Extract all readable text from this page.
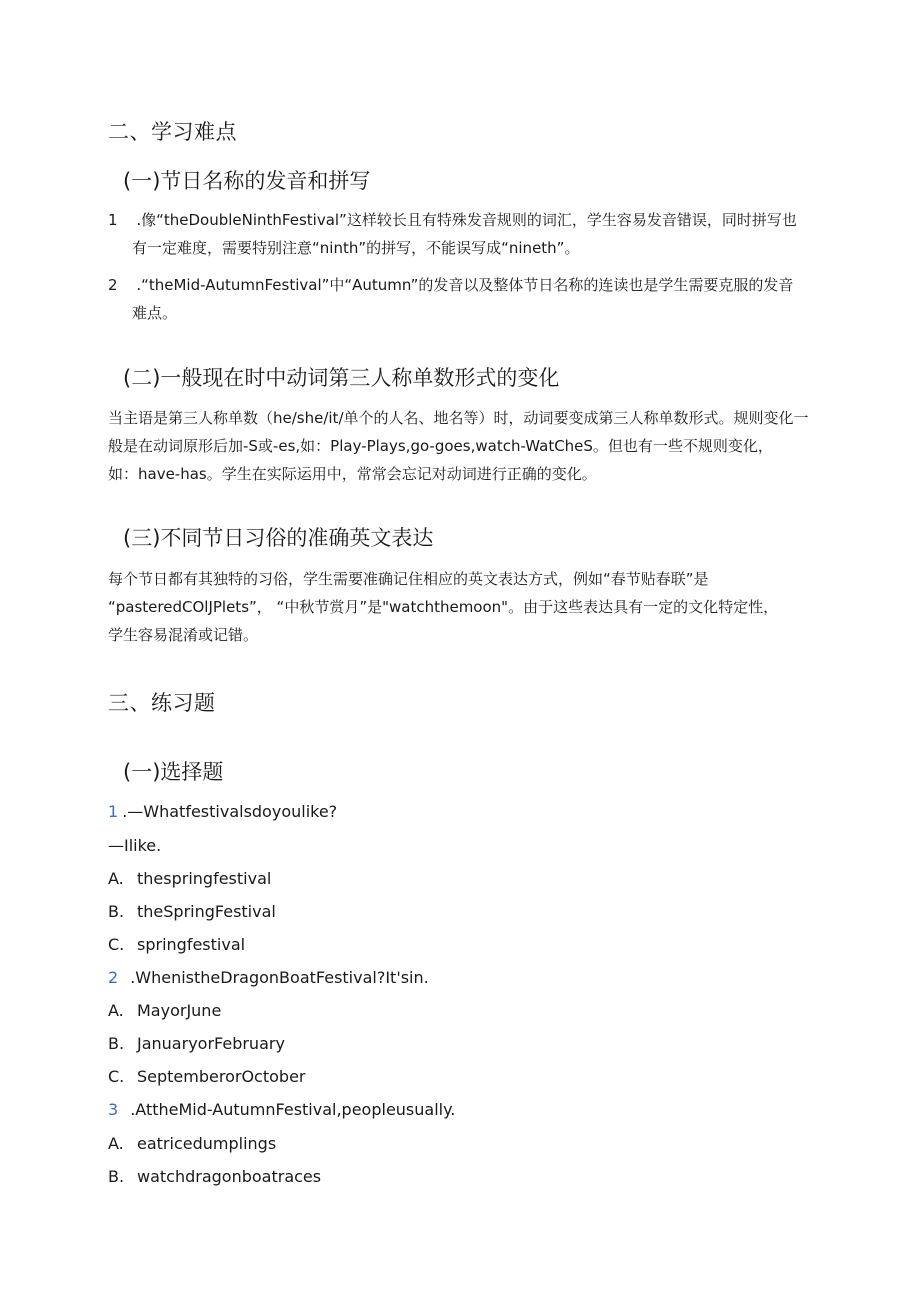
二、学习难点
(一)节日名称的发音和拼写
1 .像“theDoubleNinthFestival”这样较长且有特殊发音规则的词汇，学生容易发音错误，同时拼写也
有一定难度，需要特别注意“ninth”的拼写，不能误写成“nineth”。
2 .“theMid-AutumnFestival”中“Autumn”的发音以及整体节日名称的连读也是学生需要克服的发音
难点。
(二)一般现在时中动词第三人称单数形式的变化
当主语是第三人称单数（he/she/it/单个的人名、地名等）时，动词要变成第三人称单数形式。规则变化一
般是在动词原形后加-S或-es,如：Play-Plays,go-goes,watch-WatCheS。但也有一些不规则变化，
如：have-has。学生在实际运用中，常常会忘记对动词进行正确的变化。
(三)不同节日习俗的准确英文表达
每个节日都有其独特的习俗，学生需要准确记住相应的英文表达方式，例如“春节贴春联”是
“pasteredCOlJPlets”， “中秋节赏月”是"watchthemoon"。由于这些表达具有一定的文化特定性，
学生容易混淆或记错。
三、练习题
(一)选择题
1 .—Whatfestivalsdoyoulike?
—Ilike.
A. thespringfestival
B. theSpringFestival
C. springfestival
2 .WhenistheDragonBoatFestival?It'sin.
A. MayorJune
B. JanuaryorFebruary
C. SeptemberorOctober
3 .AttheMid-AutumnFestival,peopleusually.
A. eatricedumplings
B. watchdragonboatraces
